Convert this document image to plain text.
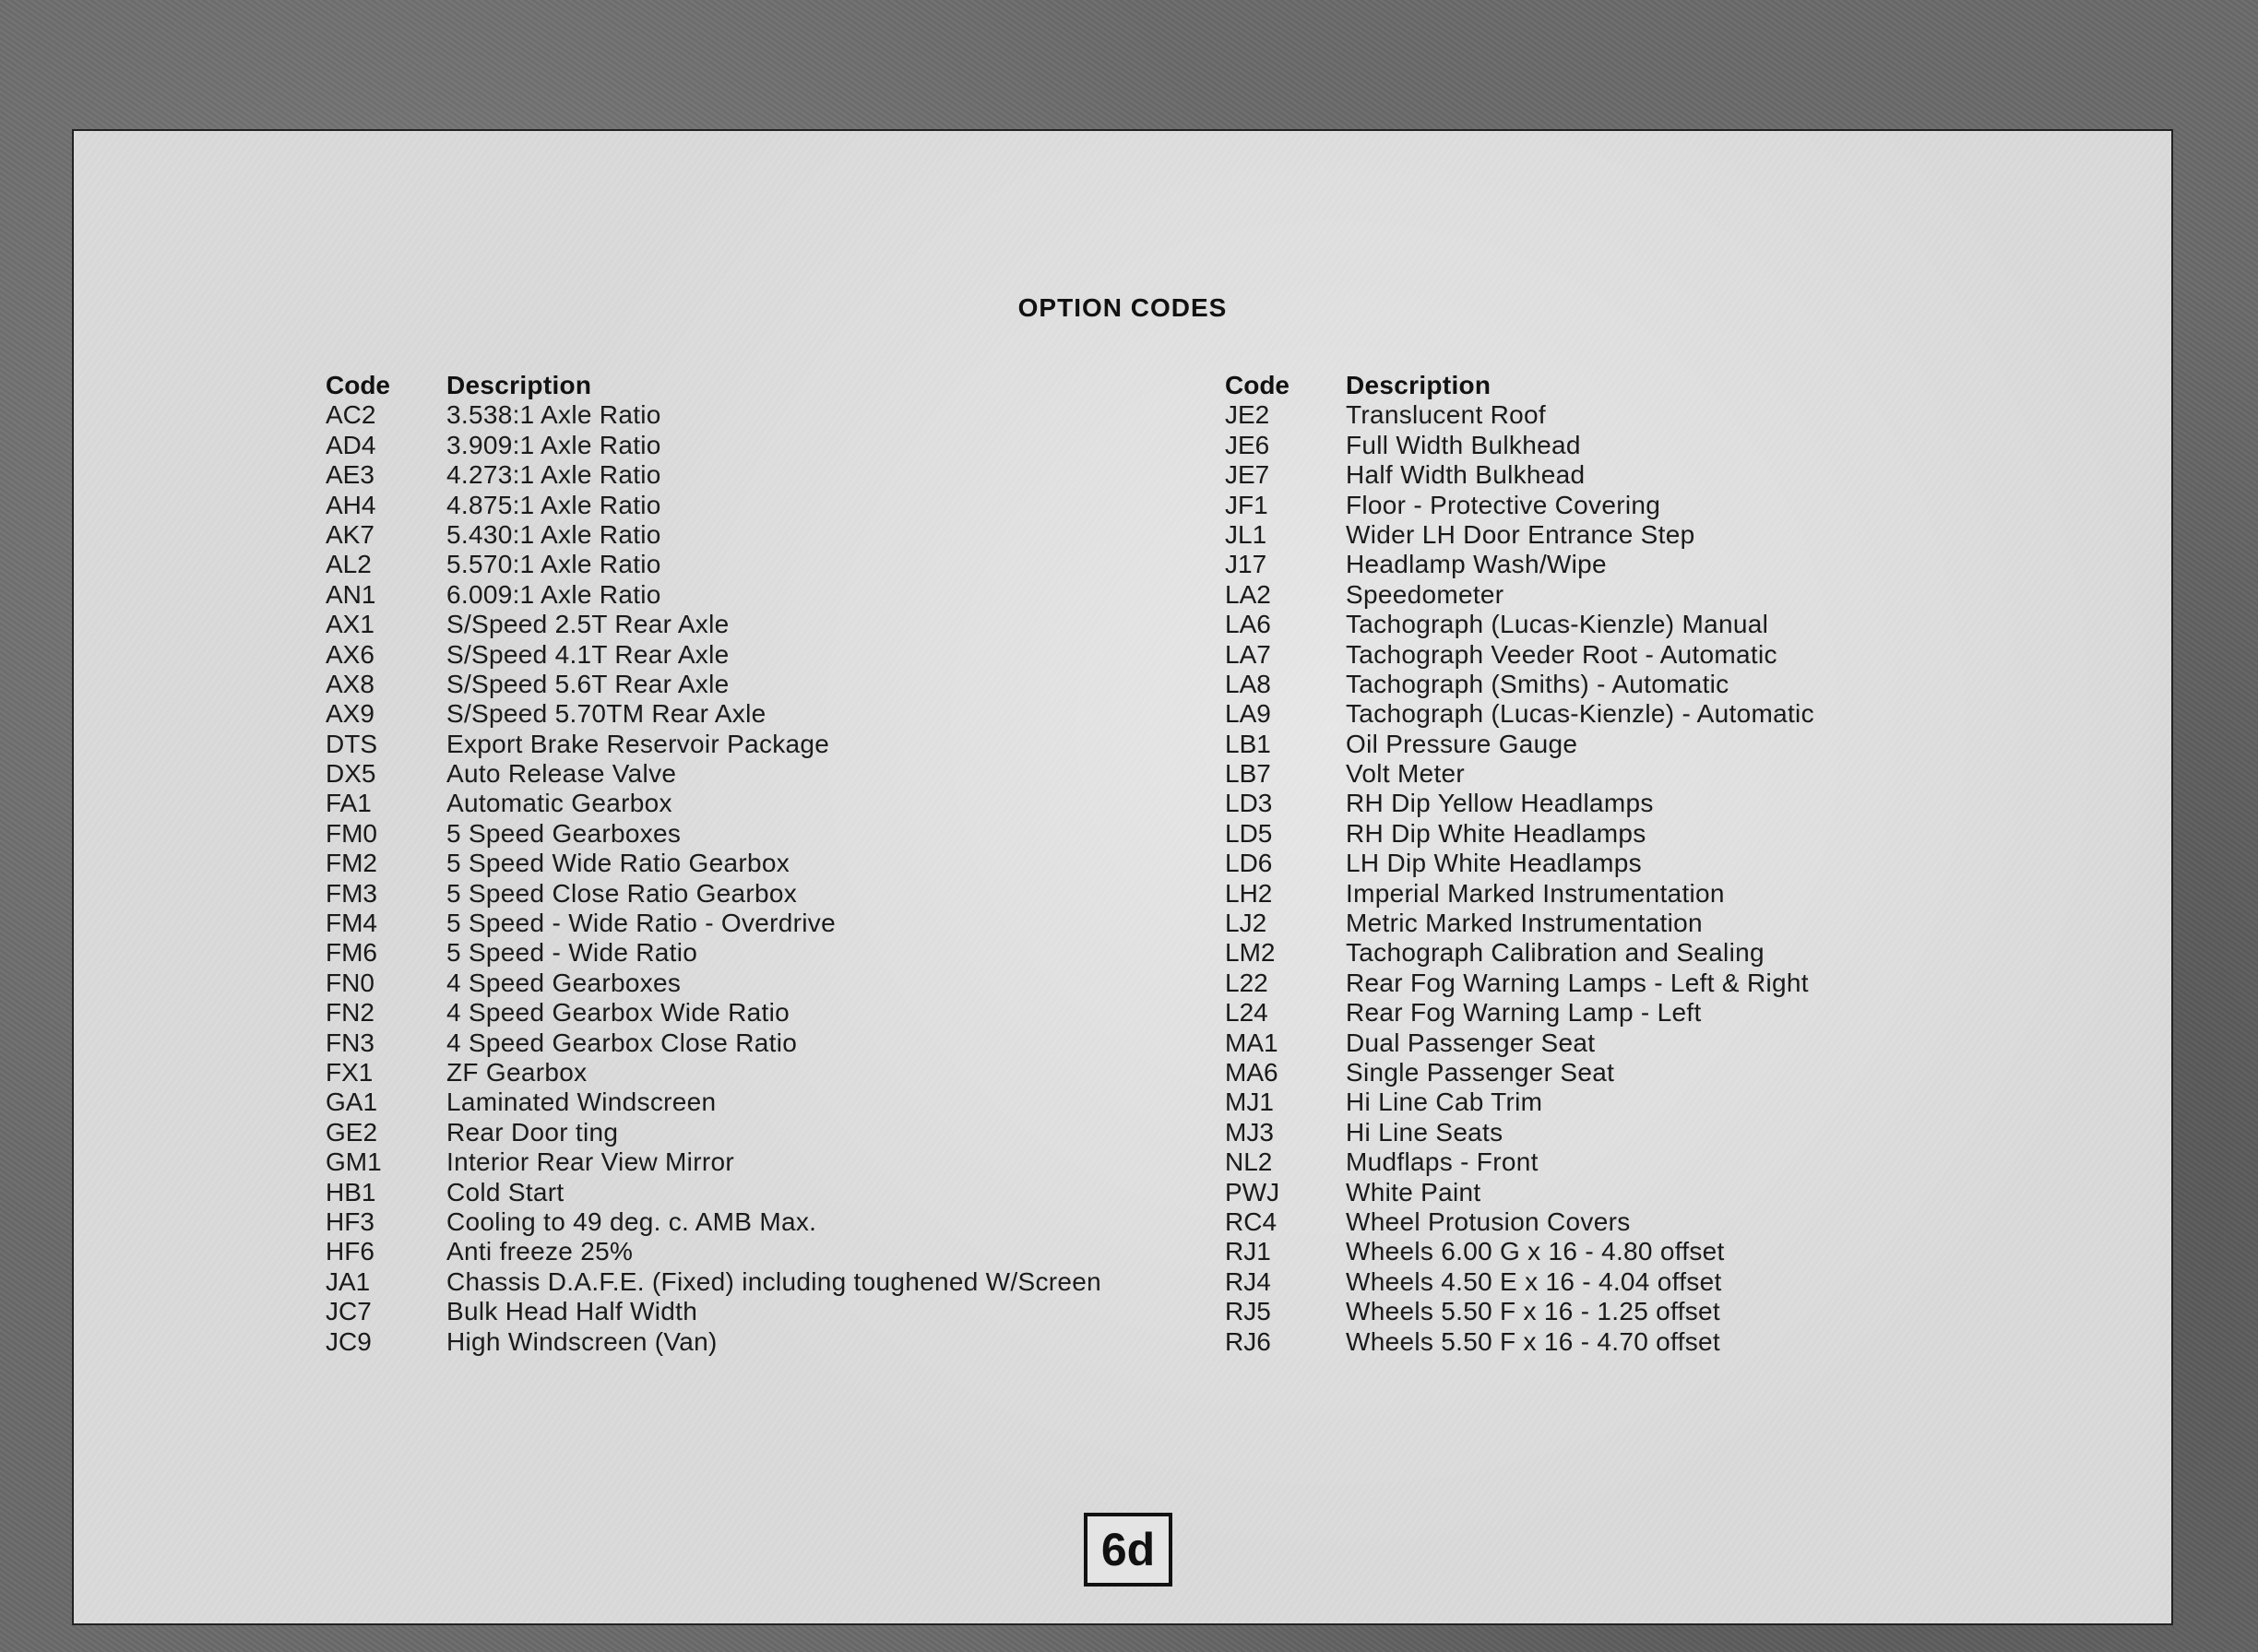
OPTION CODES
Code	Description
AC2	3.538:1 Axle Ratio
AD4	3.909:1 Axle Ratio
AE3	4.273:1 Axle Ratio
AH4	4.875:1 Axle Ratio
AK7	5.430:1 Axle Ratio
AL2	5.570:1 Axle Ratio
AN1	6.009:1 Axle Ratio
AX1	S/Speed 2.5T Rear Axle
AX6	S/Speed 4.1T Rear Axle
AX8	S/Speed 5.6T Rear Axle
AX9	S/Speed 5.70TM Rear Axle
DTS	Export Brake Reservoir Package
DX5	Auto Release Valve
FA1	Automatic Gearbox
FM0	5 Speed Gearboxes
FM2	5 Speed Wide Ratio Gearbox
FM3	5 Speed Close Ratio Gearbox
FM4	5 Speed - Wide Ratio - Overdrive
FM6	5 Speed - Wide Ratio
FN0	4 Speed Gearboxes
FN2	4 Speed Gearbox Wide Ratio
FN3	4 Speed Gearbox Close Ratio
FX1	ZF Gearbox
GA1	Laminated Windscreen
GE2	Rear Door ting
GM1	Interior Rear View Mirror
HB1	Cold Start
HF3	Cooling to 49 deg. c. AMB Max.
HF6	Anti freeze 25%
JA1	Chassis D.A.F.E. (Fixed) including toughened W/Screen
JC7	Bulk Head Half Width
JC9	High Windscreen (Van)
Code	Description
JE2	Translucent Roof
JE6	Full Width Bulkhead
JE7	Half Width Bulkhead
JF1	Floor - Protective Covering
JL1	Wider LH Door Entrance Step
J17	Headlamp Wash/Wipe
LA2	Speedometer
LA6	Tachograph (Lucas-Kienzle) Manual
LA7	Tachograph Veeder Root - Automatic
LA8	Tachograph (Smiths) - Automatic
LA9	Tachograph (Lucas-Kienzle) - Automatic
LB1	Oil Pressure Gauge
LB7	Volt Meter
LD3	RH Dip Yellow Headlamps
LD5	RH Dip White Headlamps
LD6	LH Dip White Headlamps
LH2	Imperial Marked Instrumentation
LJ2	Metric Marked Instrumentation
LM2	Tachograph Calibration and Sealing
L22	Rear Fog Warning Lamps - Left & Right
L24	Rear Fog Warning Lamp - Left
MA1	Dual Passenger Seat
MA6	Single Passenger Seat
MJ1	Hi Line Cab Trim
MJ3	Hi Line Seats
NL2	Mudflaps - Front
PWJ	White Paint
RC4	Wheel Protusion Covers
RJ1	Wheels 6.00 G x 16 - 4.80 offset
RJ4	Wheels 4.50 E x 16 - 4.04 offset
RJ5	Wheels 5.50 F x 16 - 1.25 offset
RJ6	Wheels 5.50 F x 16 - 4.70 offset
6d
